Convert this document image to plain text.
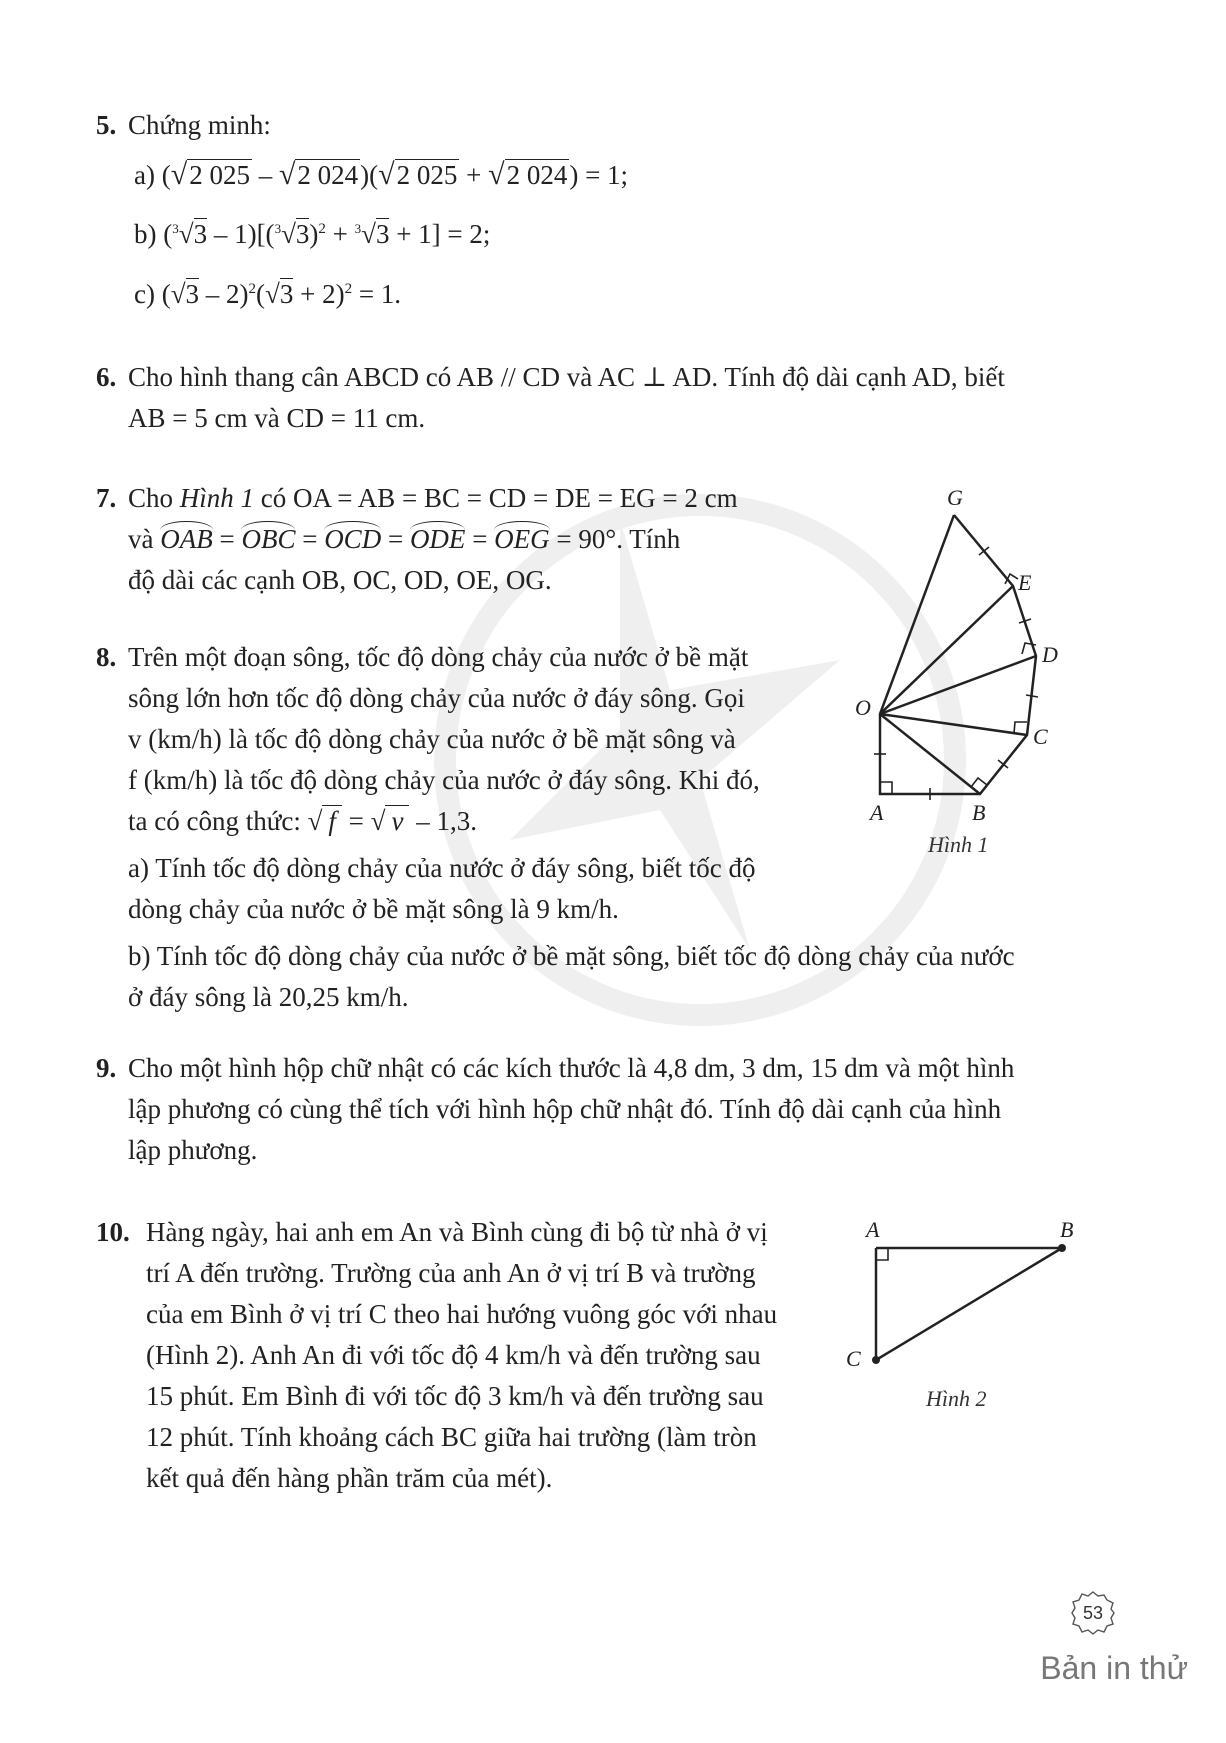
5. Chứng minh:
a) (√2 025 – √2 024)(√2 025 + √2 024) = 1;
b) $(^3√3 - 1)[(^3√3)^2 + ^3√3 + 1] = 2$;
c) $(√3 - 2)^2(√3 + 2)^2 = 1$.
6. Cho hình thang cân ABCD có AB // CD và AC ⊥ AD. Tính độ dài cạnh AD, biết
AB = 5 cm và CD = 11 cm.
7. Cho Hình 1 có OA = AB = BC = CD = DE = EG = 2 cm
và OAB = OBC = OCD = ODE = OEG = 90°. Tính
độ dài các cạnh OB, OC, OD, OE, OG.
G
E
D
C
O
A	B
Hình 1
8. Trên một đoạn sông, tốc độ dòng chảy của nước ở bề mặt
sông lớn hơn tốc độ dòng chảy của nước ở đáy sông. Gọi
v (km/h) là tốc độ dòng chảy của nước ở bề mặt sông và
f (km/h) là tốc độ dòng chảy của nước ở đáy sông. Khi đó,
ta có công thức: √ f = √ v – 1,3.
a) Tính tốc độ dòng chảy của nước ở đáy sông, biết tốc độ
dòng chảy của nước ở bề mặt sông là 9 km/h.
b) Tính tốc độ dòng chảy của nước ở bề mặt sông, biết tốc độ dòng chảy của nước
ở đáy sông là 20,25 km/h.
9. Cho một hình hộp chữ nhật có các kích thước là 4,8 dm, 3 dm, 15 dm và một hình
lập phương có cùng thể tích với hình hộp chữ nhật đó. Tính độ dài cạnh của hình
lập phương.
10. Hàng ngày, hai anh em An và Bình cùng đi bộ từ nhà ở vị
trí A đến trường. Trường của anh An ở vị trí B và trường
của em Bình ở vị trí C theo hai hướng vuông góc với nhau
(Hình 2). Anh An đi với tốc độ 4 km/h và đến trường sau
15 phút. Em Bình đi với tốc độ 3 km/h và đến trường sau
12 phút. Tính khoảng cách BC giữa hai trường (làm tròn
kết quả đến hàng phần trăm của mét).
A	B
C
Hình 2
53
Bản in thử
